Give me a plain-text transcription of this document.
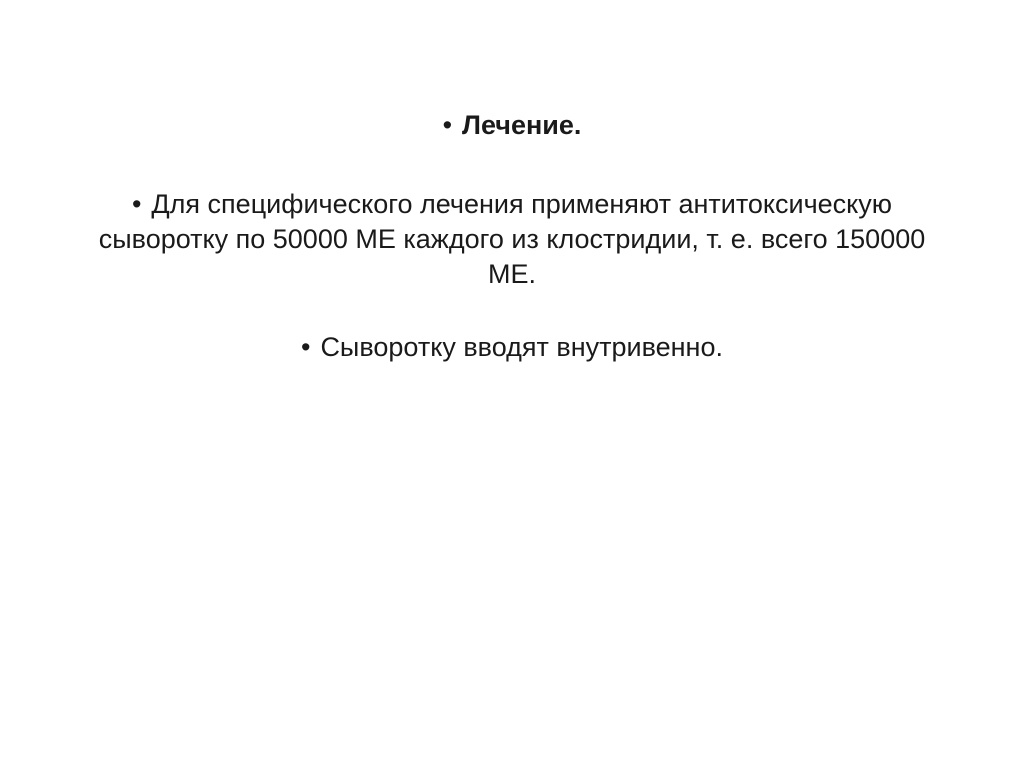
• Лечение.
• Для специфического лечения применяют антитоксическую сыворотку по 50000 МЕ каждого из клостридии, т. е. всего 150000 МЕ.
• Сыворотку вводят внутривенно.
